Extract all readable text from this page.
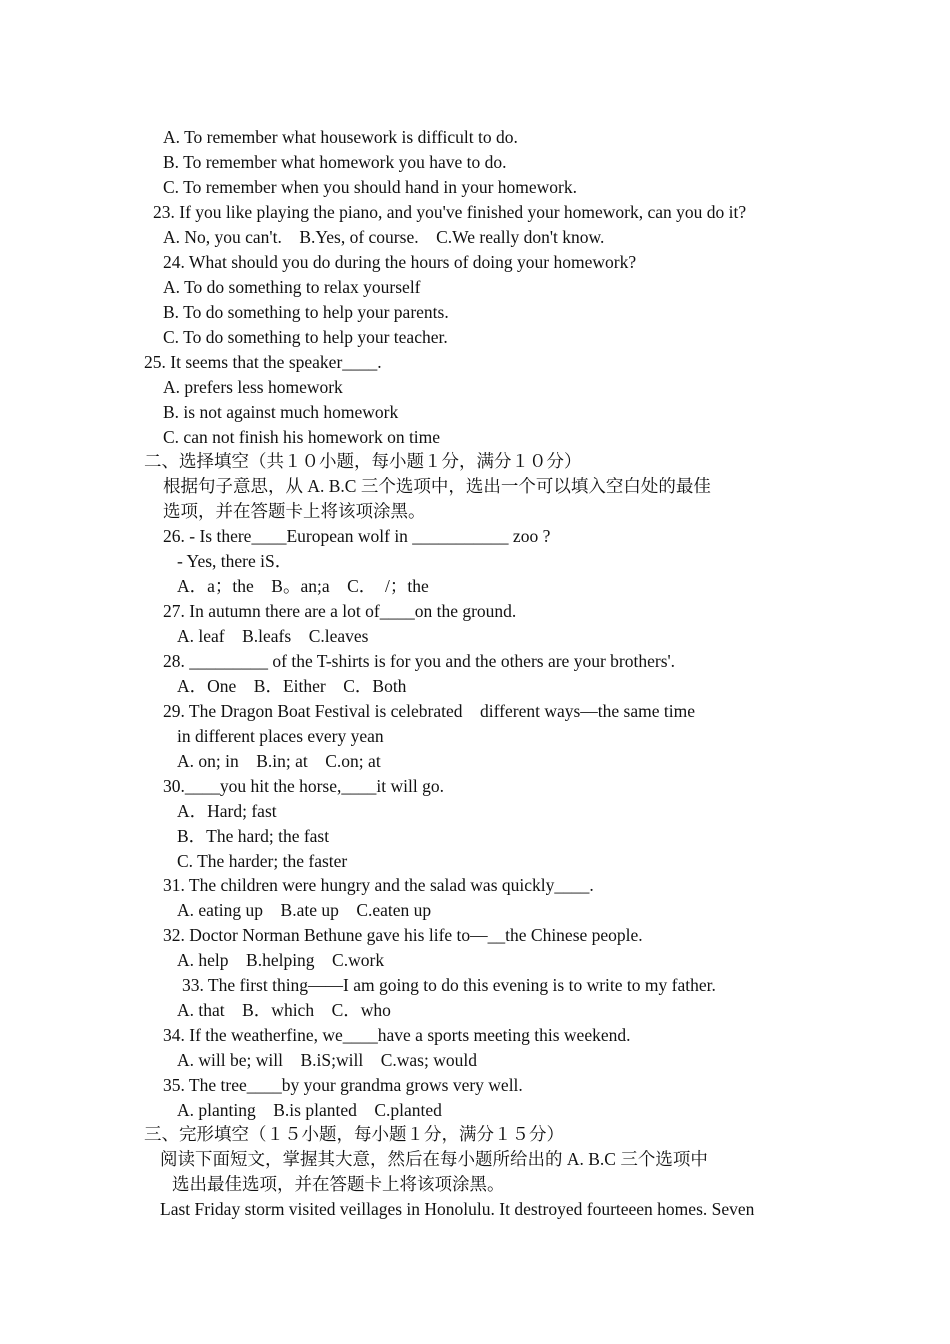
A. To remember what housework is difficult to do.
B. To remember what homework you have to do.
C. To remember when you should hand in your homework.
23. If you like playing the piano, and you've finished your homework, can you do it?
A. No, you can't.    B.Yes, of course.    C.We really don't know.
24. What should you do during the hours of doing your homework?
A. To do something to relax yourself
B. To do something to help your parents.
C. To do something to help your teacher.
25. It seems that the speaker____.
A. prefers less homework
B. is not against much homework
C. can not finish his homework on time
二、选择填空（共１０小题，每小题１分，满分１０分）
根据句子意思，从 A. B.C 三个选项中，选出一个可以填入空白处的最佳
选项，并在答题卡上将该项涂黑。
26. - Is there____European wolf in ___________ zoo ?
- Yes, there iS．
A．a；the    B。an;a    C．  /；the
27. In autumn there are a lot of____on the ground.
A. leaf    B.leafs    C.leaves
28. _________ of the T-shirts is for you and the others are your brothers'.
A．One    B．Either    C．Both
29. The Dragon Boat Festival is celebrated    different ways—the same time
in different places every yean
A. on; in    B.in; at    C.on; at
30.____you hit the horse,____it will go.
A．Hard; fast
B．The hard; the fast
C. The harder; the faster
31. The children were hungry and the salad was quickly____.
A. eating up    B.ate up    C.eaten up
32. Doctor Norman Bethune gave his life to—__the Chinese people.
A. help    B.helping    C.work
33. The first thing——I am going to do this evening is to write to my father.
A. that    B．which    C．who
34. If the weatherfine, we____have a sports meeting this weekend.
A. will be; will    B.iS;will    C.was; would
35. The tree____by your grandma grows very well.
A. planting    B.is planted    C.planted
三、完形填空（１５小题，每小题１分，满分１５分）
阅读下面短文，掌握其大意，然后在每小题所给出的 A. B.C 三个选项中
选出最佳选项，并在答题卡上将该项涂黑。
Last Friday storm visited veillages in Honolulu. It destroyed fourteeen homes. Seven
